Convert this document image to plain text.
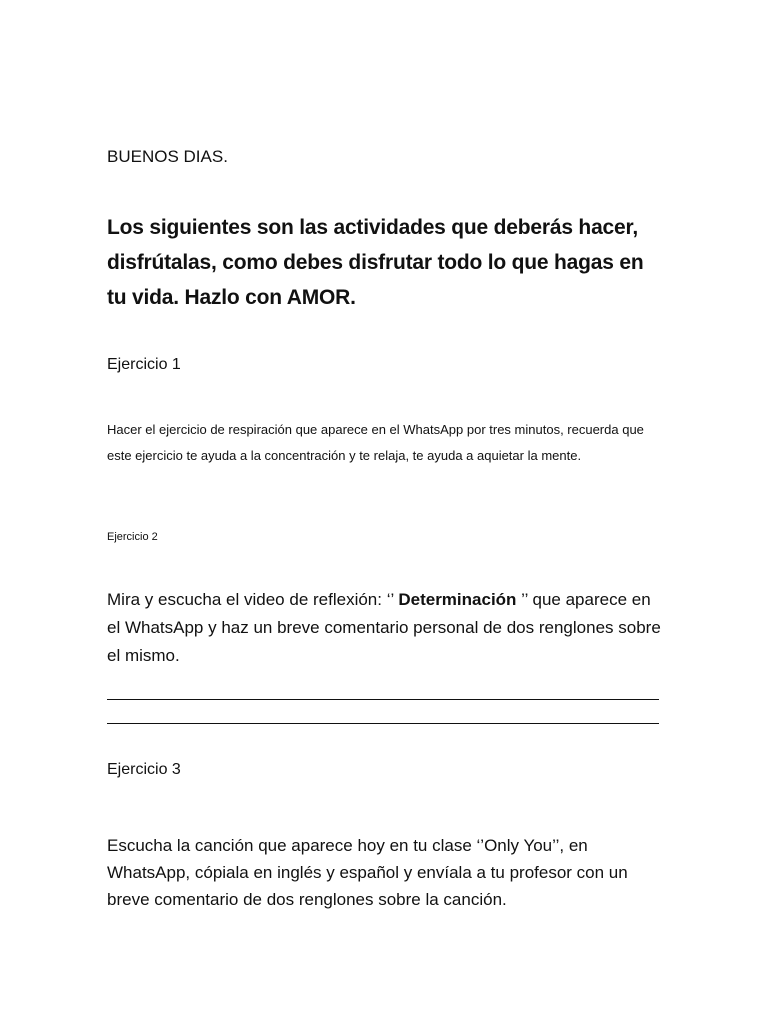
BUENOS DIAS.

Los siguientes son las actividades que deberás hacer, disfrútalas, como debes disfrutar todo lo que hagas en tu vida. Hazlo con AMOR.

Ejercicio 1

Hacer el ejercicio de respiración que aparece en el WhatsApp por tres minutos, recuerda que este ejercicio te ayuda a la concentración y te relaja, te ayuda a aquietar la mente.

Ejercicio 2

Mira y escucha el video de reflexión: ‘’ Determinación ’’ que aparece en el WhatsApp y haz un breve comentario personal de dos renglones sobre el mismo.

Ejercicio 3

Escucha la canción que aparece hoy en tu clase ‘’Only You’’, en WhatsApp, cópiala en inglés y español y envíala a tu profesor con un breve comentario de dos renglones sobre la canción.
